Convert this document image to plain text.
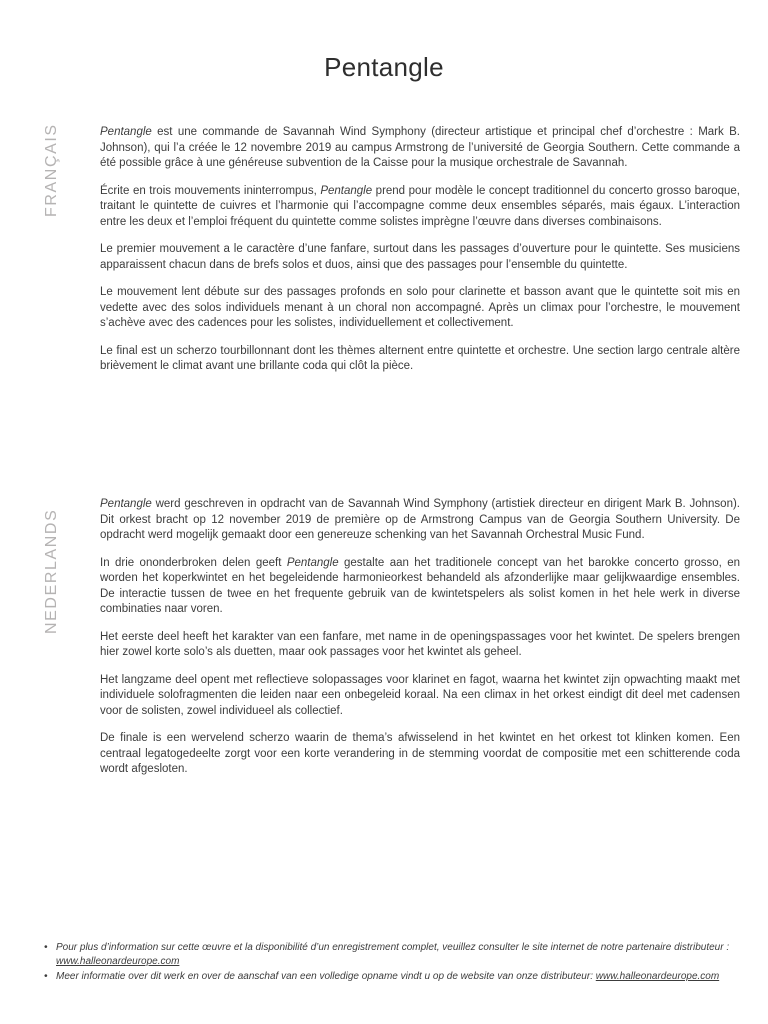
Pentangle
FRANÇAIS	Pentangle est une commande de Savannah Wind Symphony (directeur artistique et principal chef d’orchestre : Mark B. Johnson), qui l’a créée le 12 novembre 2019 au campus Armstrong de l’université de Georgia Southern. Cette commande a été possible grâce à une généreuse subvention de la Caisse pour la musique orchestrale de Savannah.

Écrite en trois mouvements ininterrompus, Pentangle prend pour modèle le concept traditionnel du concerto grosso baroque, traitant le quintette de cuivres et l’harmonie qui l’accompagne comme deux ensembles séparés, mais égaux. L’interaction entre les deux et l’emploi fréquent du quintette comme solistes imprègne l’œuvre dans diverses combinaisons.

Le premier mouvement a le caractère d’une fanfare, surtout dans les passages d’ouverture pour le quintette. Ses musiciens apparaissent chacun dans de brefs solos et duos, ainsi que des passages pour l’ensemble du quintette.

Le mouvement lent débute sur des passages profonds en solo pour clarinette et basson avant que le quintette soit mis en vedette avec des solos individuels menant à un choral non accompagné. Après un climax pour l’orchestre, le mouvement s’achève avec des cadences pour les solistes, individuellement et collectivement.

Le final est un scherzo tourbillonnant dont les thèmes alternent entre quintette et orchestre. Une section largo centrale altère brièvement le climat avant une brillante coda qui clôt la pièce.

NEDERLANDS

Pentangle werd geschreven in opdracht van de Savannah Wind Symphony (artistiek directeur en dirigent Mark B. Johnson). Dit orkest bracht op 12 november 2019 de première op de Armstrong Campus van de Georgia Southern University. De opdracht werd mogelijk gemaakt door een genereuze schenking van het Savannah Orchestral Music Fund.

In drie ononderbroken delen geeft Pentangle gestalte aan het traditionele concept van het barokke concerto grosso, en worden het koperkwintet en het begeleidende harmonieorkest behandeld als afzonderlijke maar gelijkwaardige ensembles. De interactie tussen de twee en het frequente gebruik van de kwintetspelers als solist komen in het hele werk in diverse combinaties naar voren.

Het eerste deel heeft het karakter van een fanfare, met name in de openingspassages voor het kwintet. De spelers brengen hier zowel korte solo’s als duetten, maar ook passages voor het kwintet als geheel.

Het langzame deel opent met reflectieve solopassages voor klarinet en fagot, waarna het kwintet zijn opwachting maakt met individuele solofragmenten die leiden naar een onbegeleid koraal. Na een climax in het orkest eindigt dit deel met cadensen voor de solisten, zowel individueel als collectief.

De finale is een wervelend scherzo waarin de thema’s afwisselend in het kwintet en het orkest tot klinken komen. Een centraal legatogedeelte zorgt voor een korte verandering in de stemming voordat de compositie met een schitterende coda wordt afgesloten.

• Pour plus d’information sur cette œuvre et la disponibilité d’un enregistrement complet, veuillez consulter le site internet de notre partenaire distributeur :
www.halleonardeurope.com
• Meer informatie over dit werk en over de aanschaf van een volledige opname vindt u op de website van onze distributeur: www.halleonardeurope.com
